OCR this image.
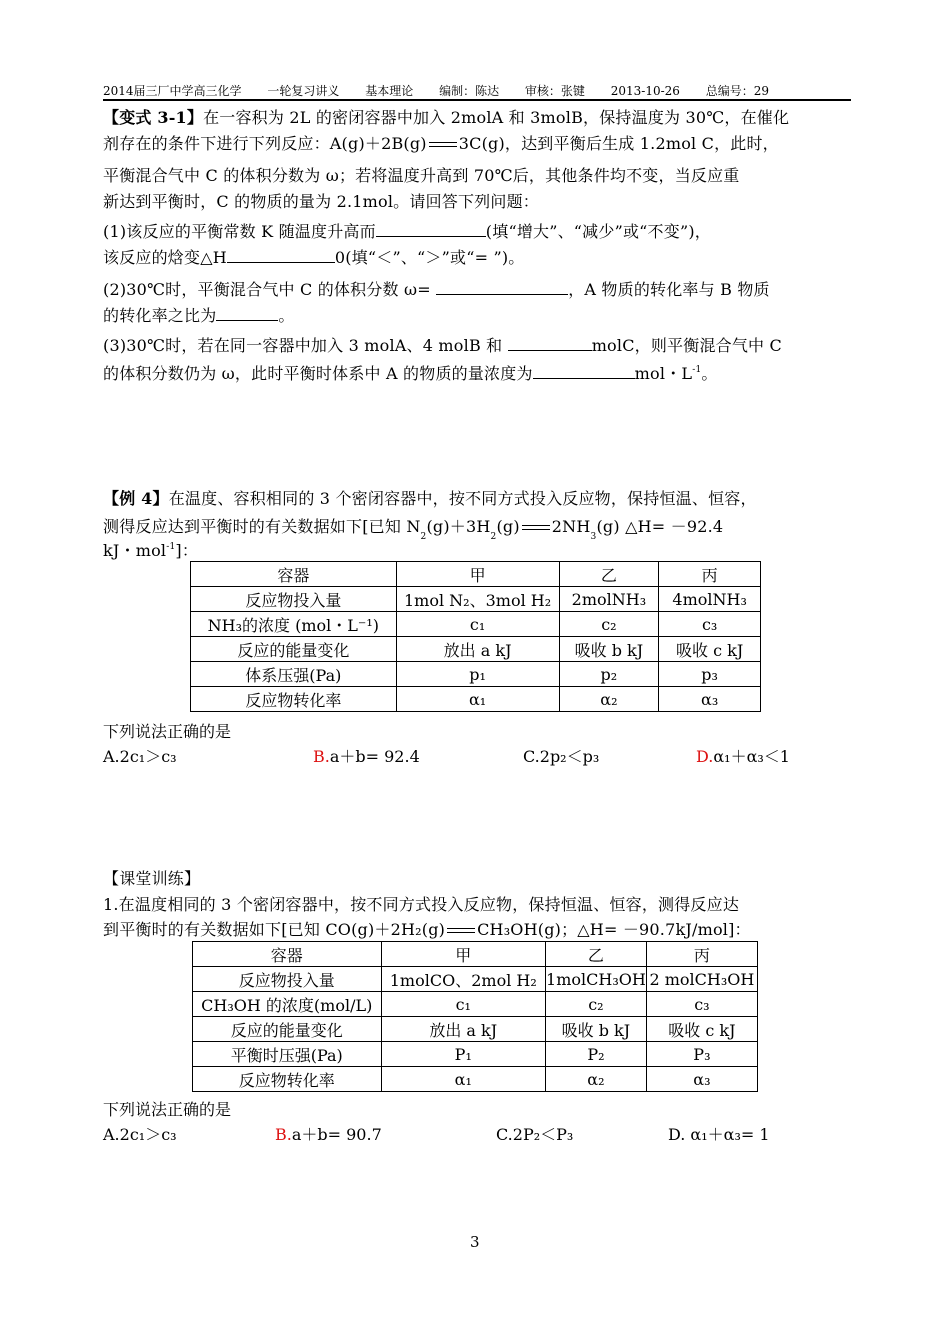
2014届三厂中学高三化学 一轮复习讲义 基本理论 编制：陈达 审核：张键 2013-10-26 总编号：29
【变式 3-1】在一容积为 2L 的密闭容器中加入 2molA 和 3molB，保持温度为 30℃，在催化
剂存在的条件下进行下列反应：A(g)＋2B(g) 3C(g)，达到平衡后生成 1.2mol C，此时，
平衡混合气中 C 的体积分数为 ω；若将温度升高到 70℃后，其他条件均不变，当反应重
新达到平衡时，C 的物质的量为 2.1mol。请回答下列问题：
(1)该反应的平衡常数 K 随温度升高而	(填“增大”、“减少”或“不变”)，
该反应的焓变△H	0(填“＜”、“＞”或“= ”)。
(2)30℃时，平衡混合气中 C 的体积分数 ω=	，A 物质的转化率与 B 物质
的转化率之比为	。
(3)30℃时，若在同一容器中加入 3 molA、4 molB 和	molC，则平衡混合气中 C
的体积分数仍为 ω，此时平衡时体系中 A 的物质的量浓度为	mol・$L^{-1}$。
【例 4】在温度、容积相同的 3 个密闭容器中，按不同方式投入反应物，保持恒温、恒容，
测得反应达到平衡时的有关数据如下[已知 $N_2(g)+3H_2(g)$ $2NH_3(g)$ △H= －92.4
kJ・mol$^{-1}$]：
容器	甲	乙	丙
反应物投入量	1mol N₂、3mol H₂	2molNH₃	4molNH₃
NH₃的浓度 (mol・L⁻¹)	c₁	c₂	c₃
反应的能量变化	放出 a kJ	吸收 b kJ	吸收 c kJ
体系压强(Pa)	p₁	p₂	p₃
反应物转化率	α₁	α₂	α₃
下列说法正确的是
A.2c₁＞c₃	B.a＋b= 92.4	C.2p₂＜p₃	D.α₁＋α₃＜1
【课堂训练】
1.在温度相同的 3 个密闭容器中，按不同方式投入反应物，保持恒温、恒容，测得反应达
到平衡时的有关数据如下[已知 CO(g)＋2H₂(g) CH₃OH(g)；△H= －90.7kJ/mol]：
容器	甲	乙	丙
反应物投入量	1molCO、2mol H₂	1molCH₃OH	2 molCH₃OH
CH₃OH 的浓度(mol/L)	c₁	c₂	c₃
反应的能量变化	放出 a kJ	吸收 b kJ	吸收 c kJ
平衡时压强(Pa)	P₁	P₂	P₃
反应物转化率	α₁	α₂	α₃
下列说法正确的是
A.2c₁＞c₃	B.a＋b= 90.7	C.2P₂＜P₃	D. α₁＋α₃= 1
3
